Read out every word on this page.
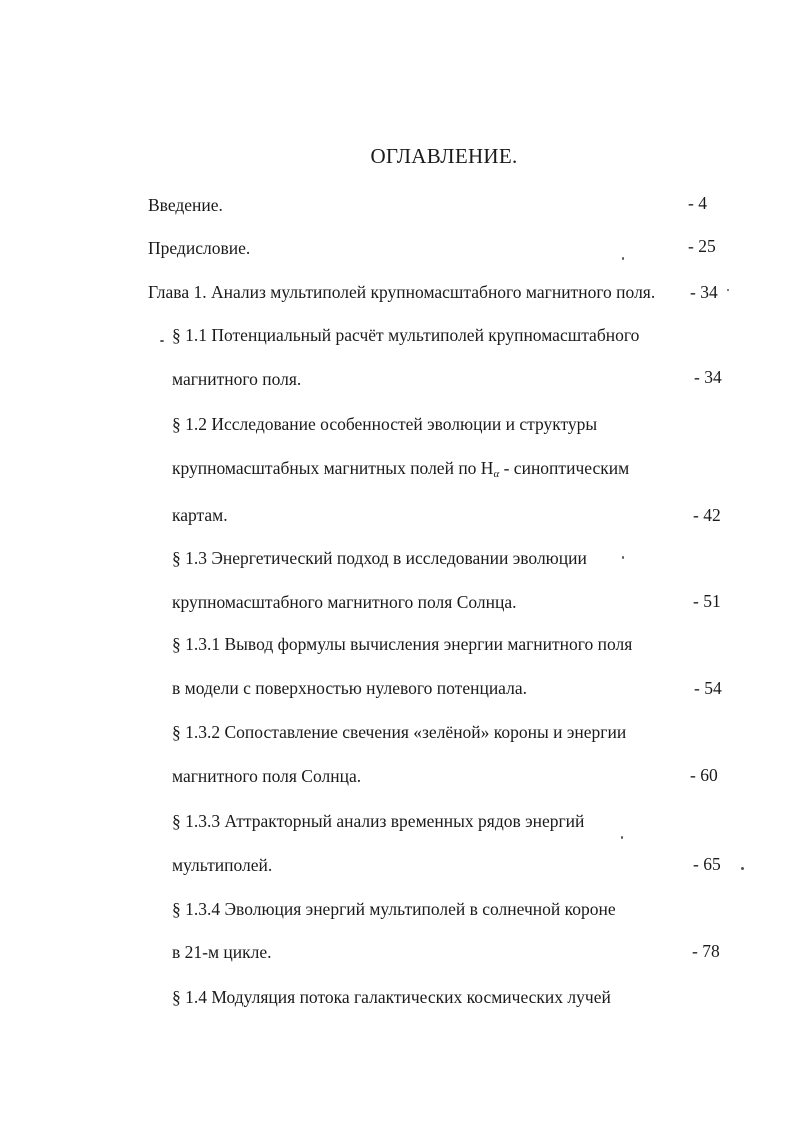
ОГЛАВЛЕНИЕ.
Введение.	- 4
Предисловие.	- 25
Глава 1. Анализ мультиполей крупномасштабного магнитного поля. - 34
§ 1.1 Потенциальный расчёт мультиполей крупномасштабного
магнитного поля.	- 34
§ 1.2 Исследование особенностей эволюции и структуры
крупномасштабных магнитных полей по $Н_\alpha$ - синоптическим
картам.	- 42
§ 1.3 Энергетический подход в исследовании эволюции
крупномасштабного магнитного поля Солнца.	- 51
§ 1.3.1 Вывод формулы вычисления энергии магнитного поля
в модели с поверхностью нулевого потенциала.	- 54
§ 1.3.2 Сопоставление свечения «зелёной» короны и энергии
магнитного поля Солнца.	- 60
§ 1.3.3 Аттракторный анализ временных рядов энергий
мультиполей.	- 65
§ 1.3.4 Эволюция энергий мультиполей в солнечной короне
в 21-м цикле.	- 78
§ 1.4 Модуляция потока галактических космических лучей
